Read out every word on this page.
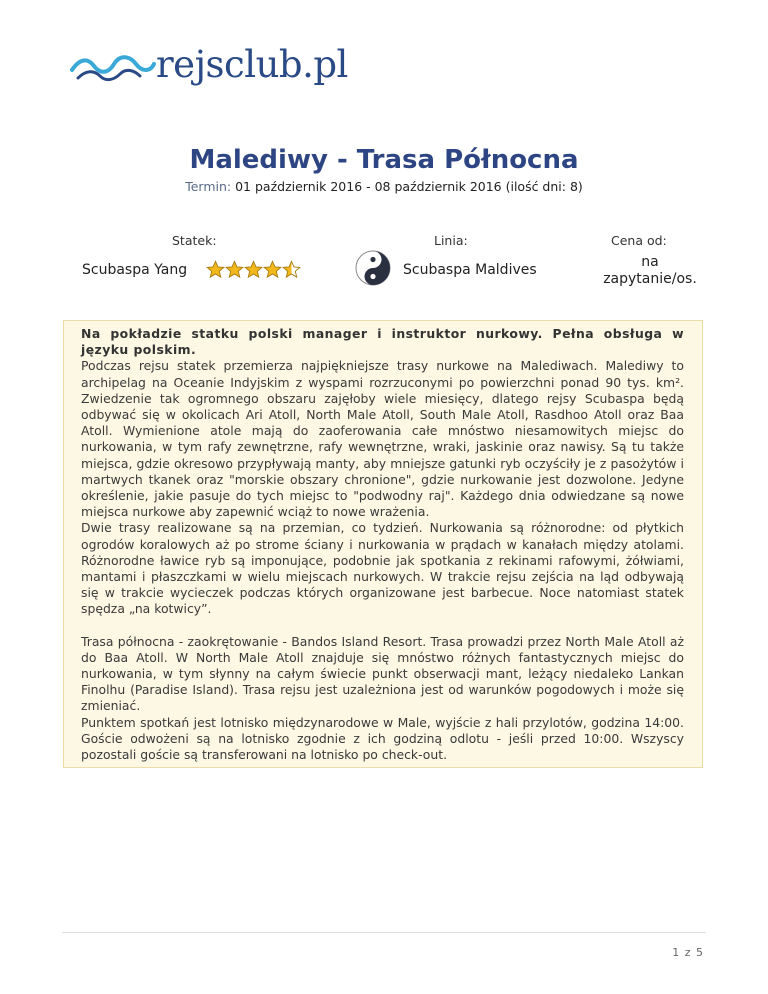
rejsclub.pl
Malediwy - Trasa Północna
Termin: 01 październik 2016 - 08 październik 2016 (ilość dni: 8)
Statek:	Linia:	Cena od:
Scubaspa Yang	Scubaspa Maldives	na
zapytanie/os.

Na pokładzie statku polski manager i instruktor nurkowy. Pełna obsługa w języku polskim.

Podczas rejsu statek przemierza najpiękniejsze trasy nurkowe na Malediwach. Malediwy to archipelag na Oceanie Indyjskim z wyspami rozrzuconymi po powierzchni ponad 90 tys. km². Zwiedzenie tak ogromnego obszaru zajęłoby wiele miesięcy, dlatego rejsy Scubaspa będą odbywać się w okolicach Ari Atoll, North Male Atoll, South Male Atoll, Rasdhoo Atoll oraz Baa Atoll. Wymienione atole mają do zaoferowania całe mnóstwo niesamowitych miejsc do nurkowania, w tym rafy zewnętrzne, rafy wewnętrzne, wraki, jaskinie oraz nawisy. Są tu także miejsca, gdzie okresowo przypływają manty, aby mniejsze gatunki ryb oczyściły je z pasożytów i martwych tkanek oraz "morskie obszary chronione", gdzie nurkowanie jest dozwolone. Jedyne określenie, jakie pasuje do tych miejsc to "podwodny raj". Każdego dnia odwiedzane są nowe miejsca nurkowe aby zapewnić wciąż to nowe wrażenia.

Dwie trasy realizowane są na przemian, co tydzień. Nurkowania są różnorodne: od płytkich ogrodów koralowych aż po strome ściany i nurkowania w prądach w kanałach między atolami. Różnorodne ławice ryb są imponujące, podobnie jak spotkania z rekinami rafowymi, żółwiami, mantami i płaszczkami w wielu miejscach nurkowych. W trakcie rejsu zejścia na ląd odbywają się w trakcie wycieczek podczas których organizowane jest barbecue. Noce natomiast statek spędza „na kotwicy”.

Trasa północna - zaokrętowanie - Bandos Island Resort. Trasa prowadzi przez North Male Atoll aż do Baa Atoll. W North Male Atoll znajduje się mnóstwo różnych fantastycznych miejsc do nurkowania, w tym słynny na całym świecie punkt obserwacji mant, leżący niedaleko Lankan Finolhu (Paradise Island). Trasa rejsu jest uzależniona jest od warunków pogodowych i może się zmieniać.

Punktem spotkań jest lotnisko międzynarodowe w Male, wyjście z hali przylotów, godzina 14:00. Goście odwożeni są na lotnisko zgodnie z ich godziną odlotu - jeśli przed 10:00. Wszyscy pozostali goście są transferowani na lotnisko po check-out.

1 z 5
